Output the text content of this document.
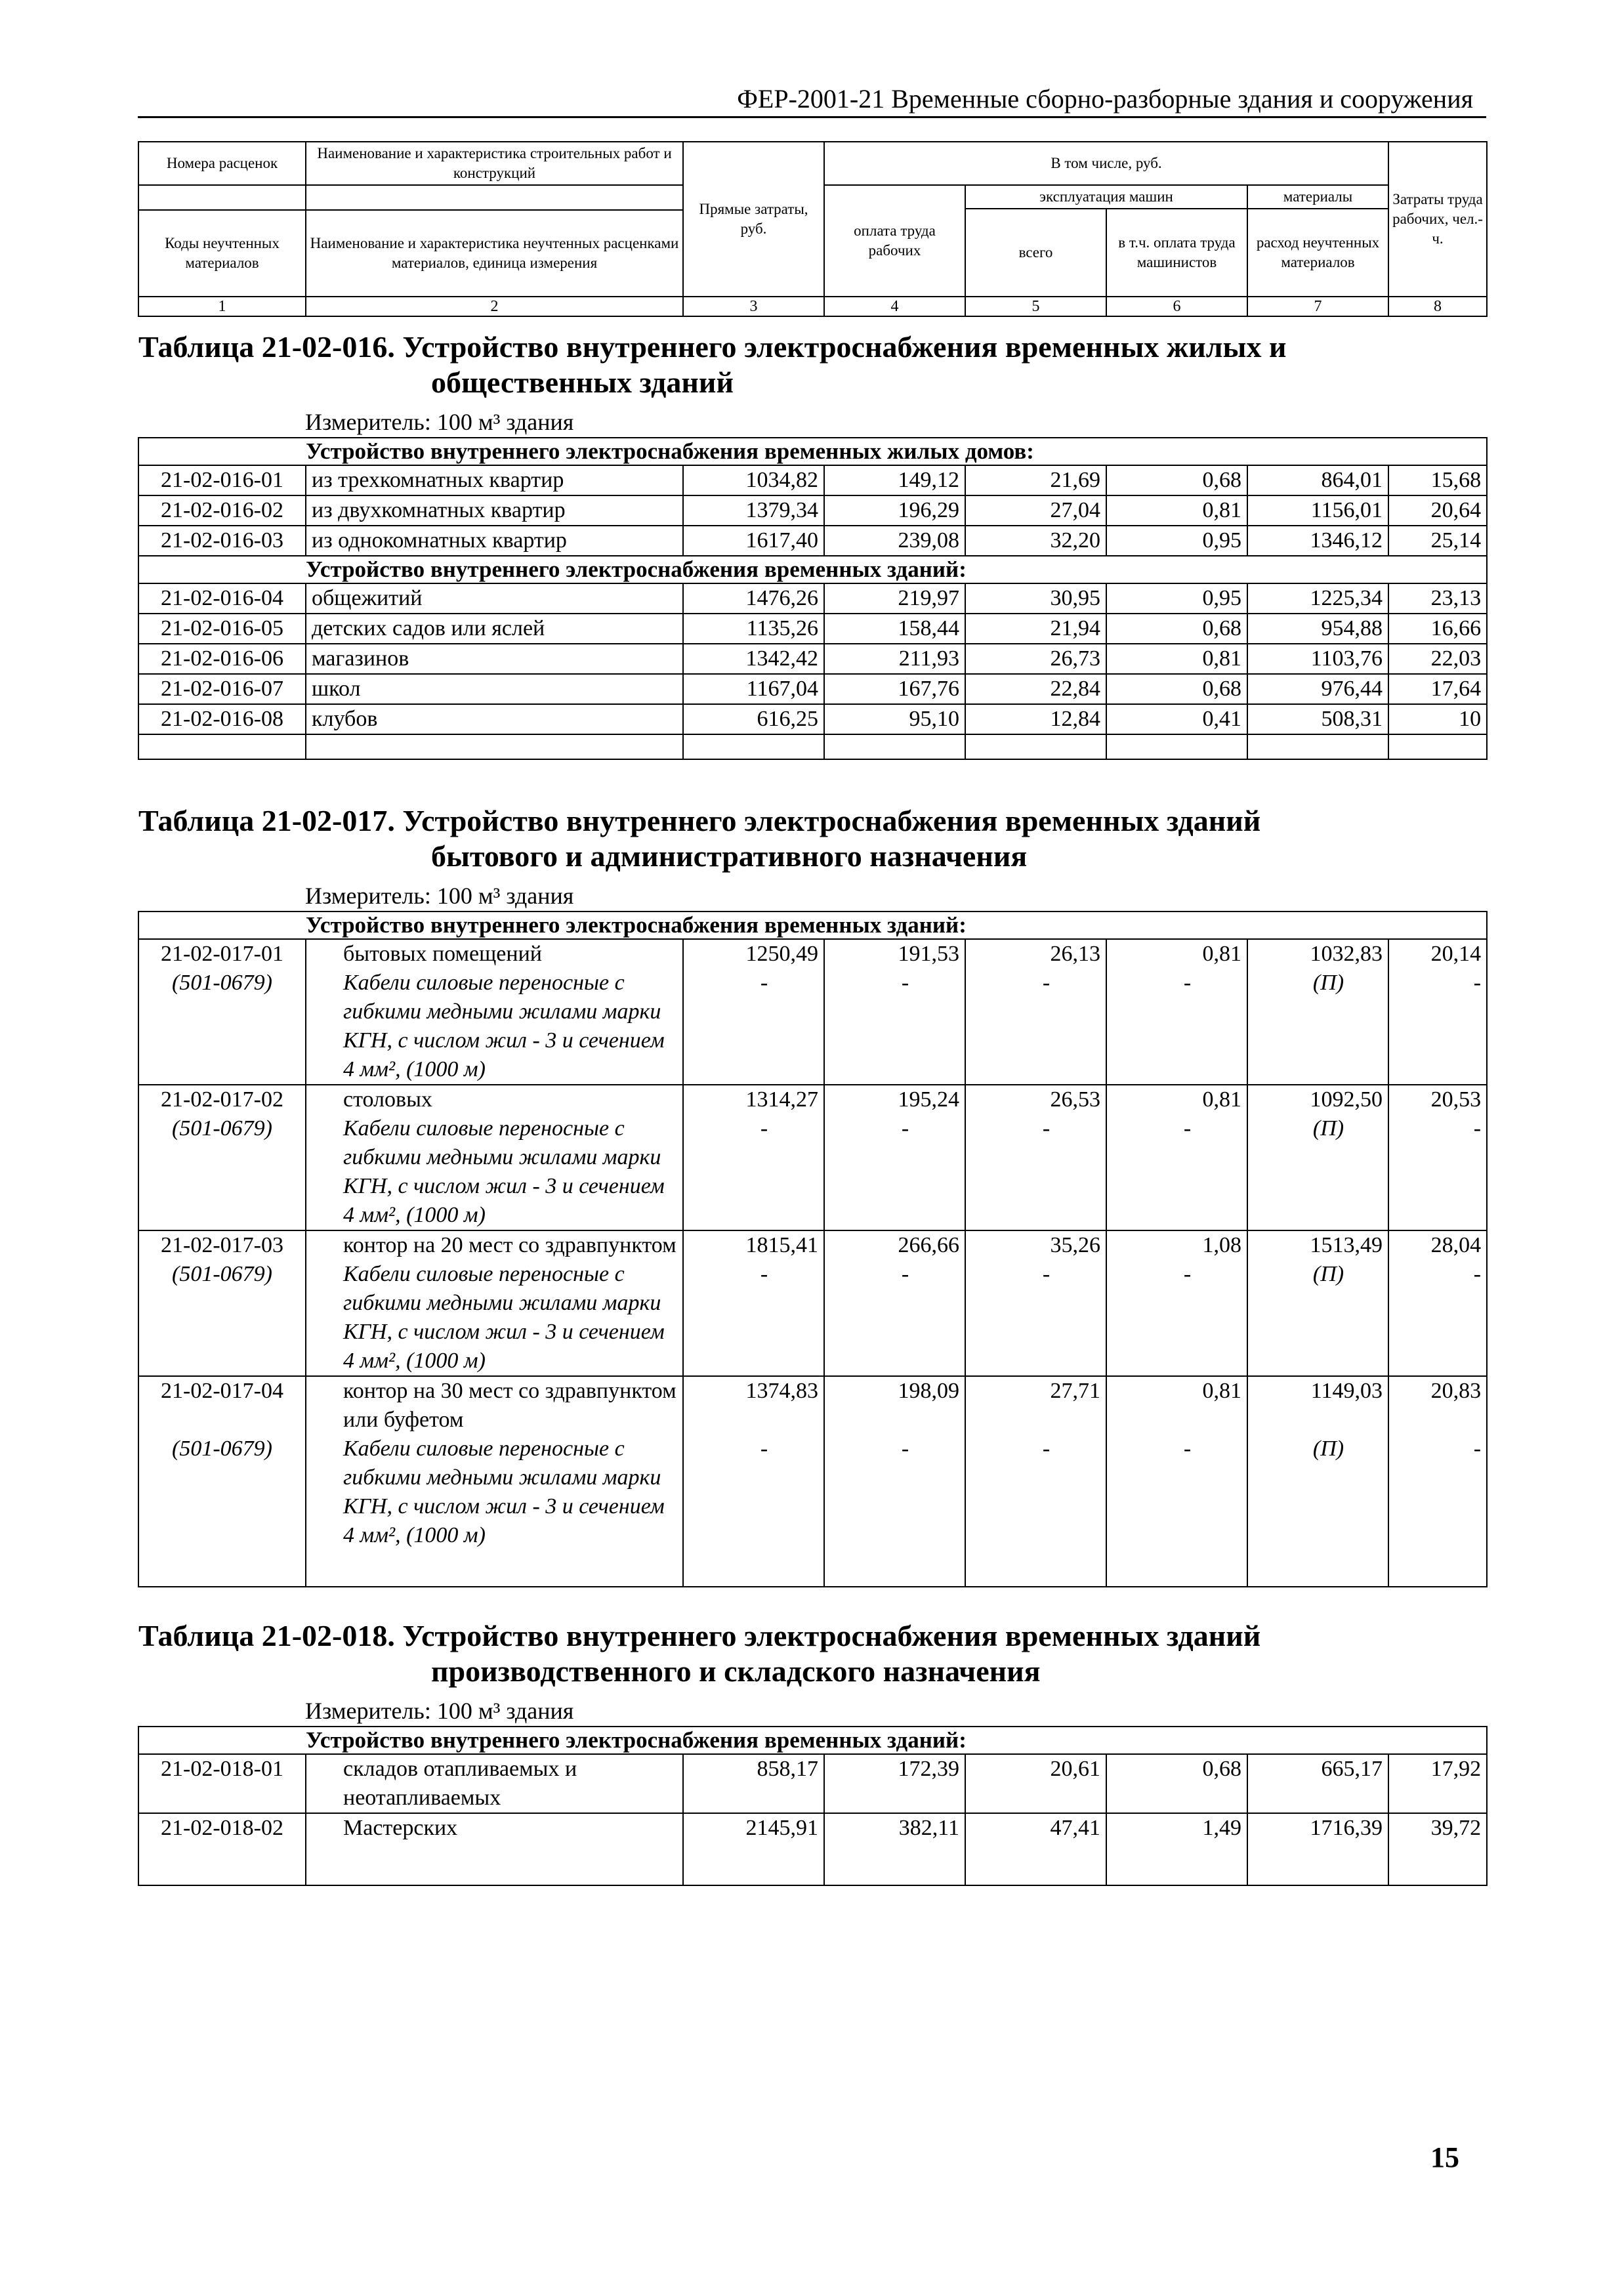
ФЕР-2001-21 Временные сборно-разборные здания и сооружения
Номера расценок	Наименование и характеристика строительных работ и конструкций	Прямые затраты, руб.	В том числе, руб.				Затраты труда рабочих, чел.-ч.
			оплата труда рабочих	эксплуатация машин		материалы	
				всего	в т.ч. оплата труда машинистов	расход неучтенных материалов	
Коды неучтенных материалов	Наименование и характеристика неучтенных расценками материалов, единица измерения						
1	2	3	4	5	6	7	8
Таблица 21-02-016. Устройство внутреннего электроснабжения временных жилых и							
общественных зданий							
Измеритель: 100 м³ здания							
Устройство внутреннего электроснабжения временных жилых домов:							
21-02-016-01	из трехкомнатных квартир	1034,82	149,12	21,69	0,68	864,01	15,68
21-02-016-02	из двухкомнатных квартир	1379,34	196,29	27,04	0,81	1156,01	20,64
21-02-016-03	из однокомнатных квартир	1617,40	239,08	32,20	0,95	1346,12	25,14
Устройство внутреннего электроснабжения временных зданий:							
21-02-016-04	общежитий	1476,26	219,97	30,95	0,95	1225,34	23,13
21-02-016-05	детских садов или яслей	1135,26	158,44	21,94	0,68	954,88	16,66
21-02-016-06	магазинов	1342,42	211,93	26,73	0,81	1103,76	22,03
21-02-016-07	школ	1167,04	167,76	22,84	0,68	976,44	17,64
21-02-016-08	клубов	616,25	95,10	12,84	0,41	508,31	10

Таблица 21-02-017. Устройство внутреннего электроснабжения временных зданий							
бытового и административного назначения							
Измеритель: 100 м³ здания							
Устройство внутреннего электроснабжения временных зданий:							
21-02-017-01	бытовых помещений	1250,49	191,53	26,13	0,81	1032,83	20,14
(501-0679)	Кабели силовые переносные с гибкими медными жилами марки КГН, с числом жил - 3 и сечением 4 мм², (1000 м)	-	-	-	-	(П)	-
21-02-017-02	столовых	1314,27	195,24	26,53	0,81	1092,50	20,53
(501-0679)	Кабели силовые переносные с гибкими медными жилами марки КГН, с числом жил - 3 и сечением 4 мм², (1000 м)	-	-	-	-	(П)	-
21-02-017-03	контор на 20 мест со здравпунктом	1815,41	266,66	35,26	1,08	1513,49	28,04
(501-0679)	Кабели силовые переносные с гибкими медными жилами марки КГН, с числом жил - 3 и сечением 4 мм², (1000 м)	-	-	-	-	(П)	-
21-02-017-04	контор на 30 мест со здравпунктом или буфетом	1374,83	198,09	27,71	0,81	1149,03	20,83
(501-0679)	Кабели силовые переносные с гибкими медными жилами марки КГН, с числом жил - 3 и сечением 4 мм², (1000 м)	-	-	-	-	(П)	-

Таблица 21-02-018. Устройство внутреннего электроснабжения временных зданий							
производственного и складского назначения							
Измеритель: 100 м³ здания							
Устройство внутреннего электроснабжения временных зданий:							
21-02-018-01	складов отапливаемых и неотапливаемых	858,17	172,39	20,61	0,68	665,17	17,92
21-02-018-02	Мастерских	2145,91	382,11	47,41	1,49	1716,39	39,72
15
